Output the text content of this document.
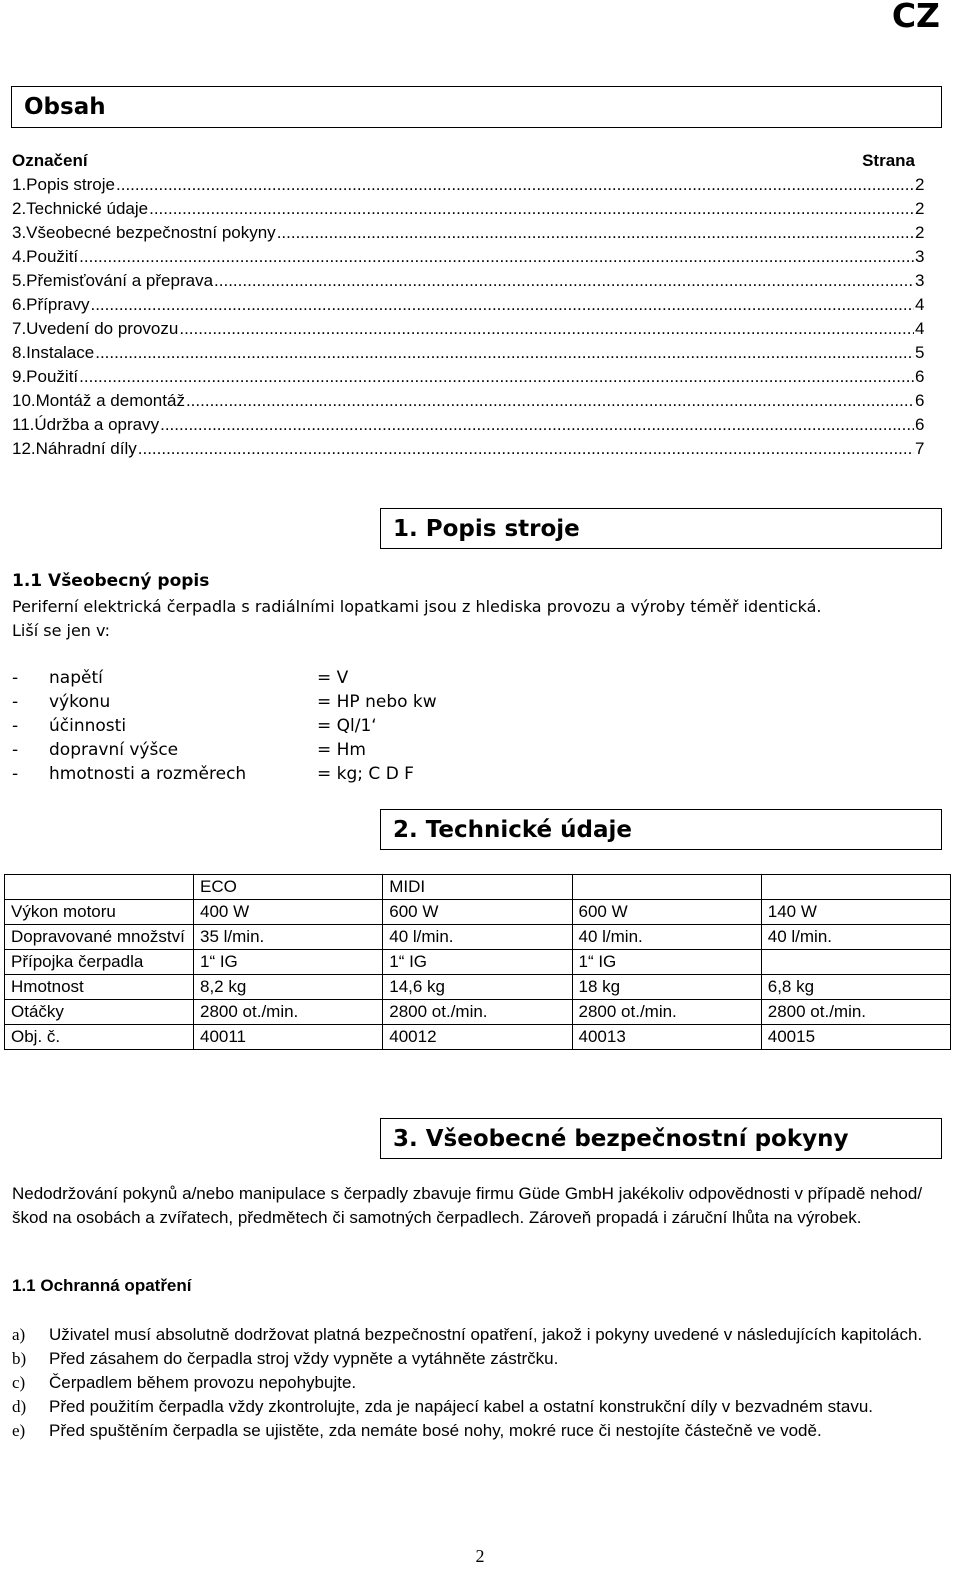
CZ
Obsah
Označení	Strana
1.Popis stroje .....	2
2.Technické údaje .....	2
3.Všeobecné bezpečnostní pokyny .....	2
4.Použití .....	3
5.Přemisťování a přeprava .....	3
6.Přípravy .....	4
7.Uvedení do provozu .....	4
8.Instalace .....	5
9.Použití .....	6
10.Montáž a demontáž .....	6
11.Údržba a opravy .....	6
12.Náhradní díly .....	7
1. Popis stroje
1.1 Všeobecný popis
Periferní elektrická čerpadla s radiálními lopatkami jsou z hlediska provozu a výroby téměř identická.
Liší se jen v:
-	napětí	= V
-	výkonu	= HP nebo kw
-	účinnosti	= Ql/1‘
-	dopravní výšce	= Hm
-	hmotnosti a rozměrech	= kg; C D F
2. Technické údaje
	ECO	MIDI		
Výkon motoru	400 W	600 W	600 W	140 W
Dopravované množství	35 l/min.	40 l/min.	40 l/min.	40 l/min.
Přípojka čerpadla	1“ IG	1“ IG	1“ IG	
Hmotnost	8,2 kg	14,6 kg	18 kg	6,8 kg
Otáčky	2800 ot./min.	2800 ot./min.	2800 ot./min.	2800 ot./min.
Obj. č.	40011	40012	40013	40015
3. Všeobecné bezpečnostní pokyny
Nedodržování pokynů a/nebo manipulace s čerpadly zbavuje firmu Güde GmbH jakékoliv odpovědnosti v případě nehod/škod na osobách a zvířatech, předmětech či samotných čerpadlech. Zároveň propadá i záruční lhůta na výrobek.
1.1 Ochranná opatření
a)	Uživatel musí absolutně dodržovat platná bezpečnostní opatření, jakož i pokyny uvedené v následujících kapitolách.
b)	Před zásahem do čerpadla stroj vždy vypněte a vytáhněte zástrčku.
c)	Čerpadlem během provozu nepohybujte.
d)	Před použitím čerpadla vždy zkontrolujte, zda je napájecí kabel a ostatní konstrukční díly v bezvadném stavu.
e)	Před spuštěním čerpadla se ujistěte, zda nemáte bosé nohy, mokré ruce či nestojíte částečně ve vodě.
2
